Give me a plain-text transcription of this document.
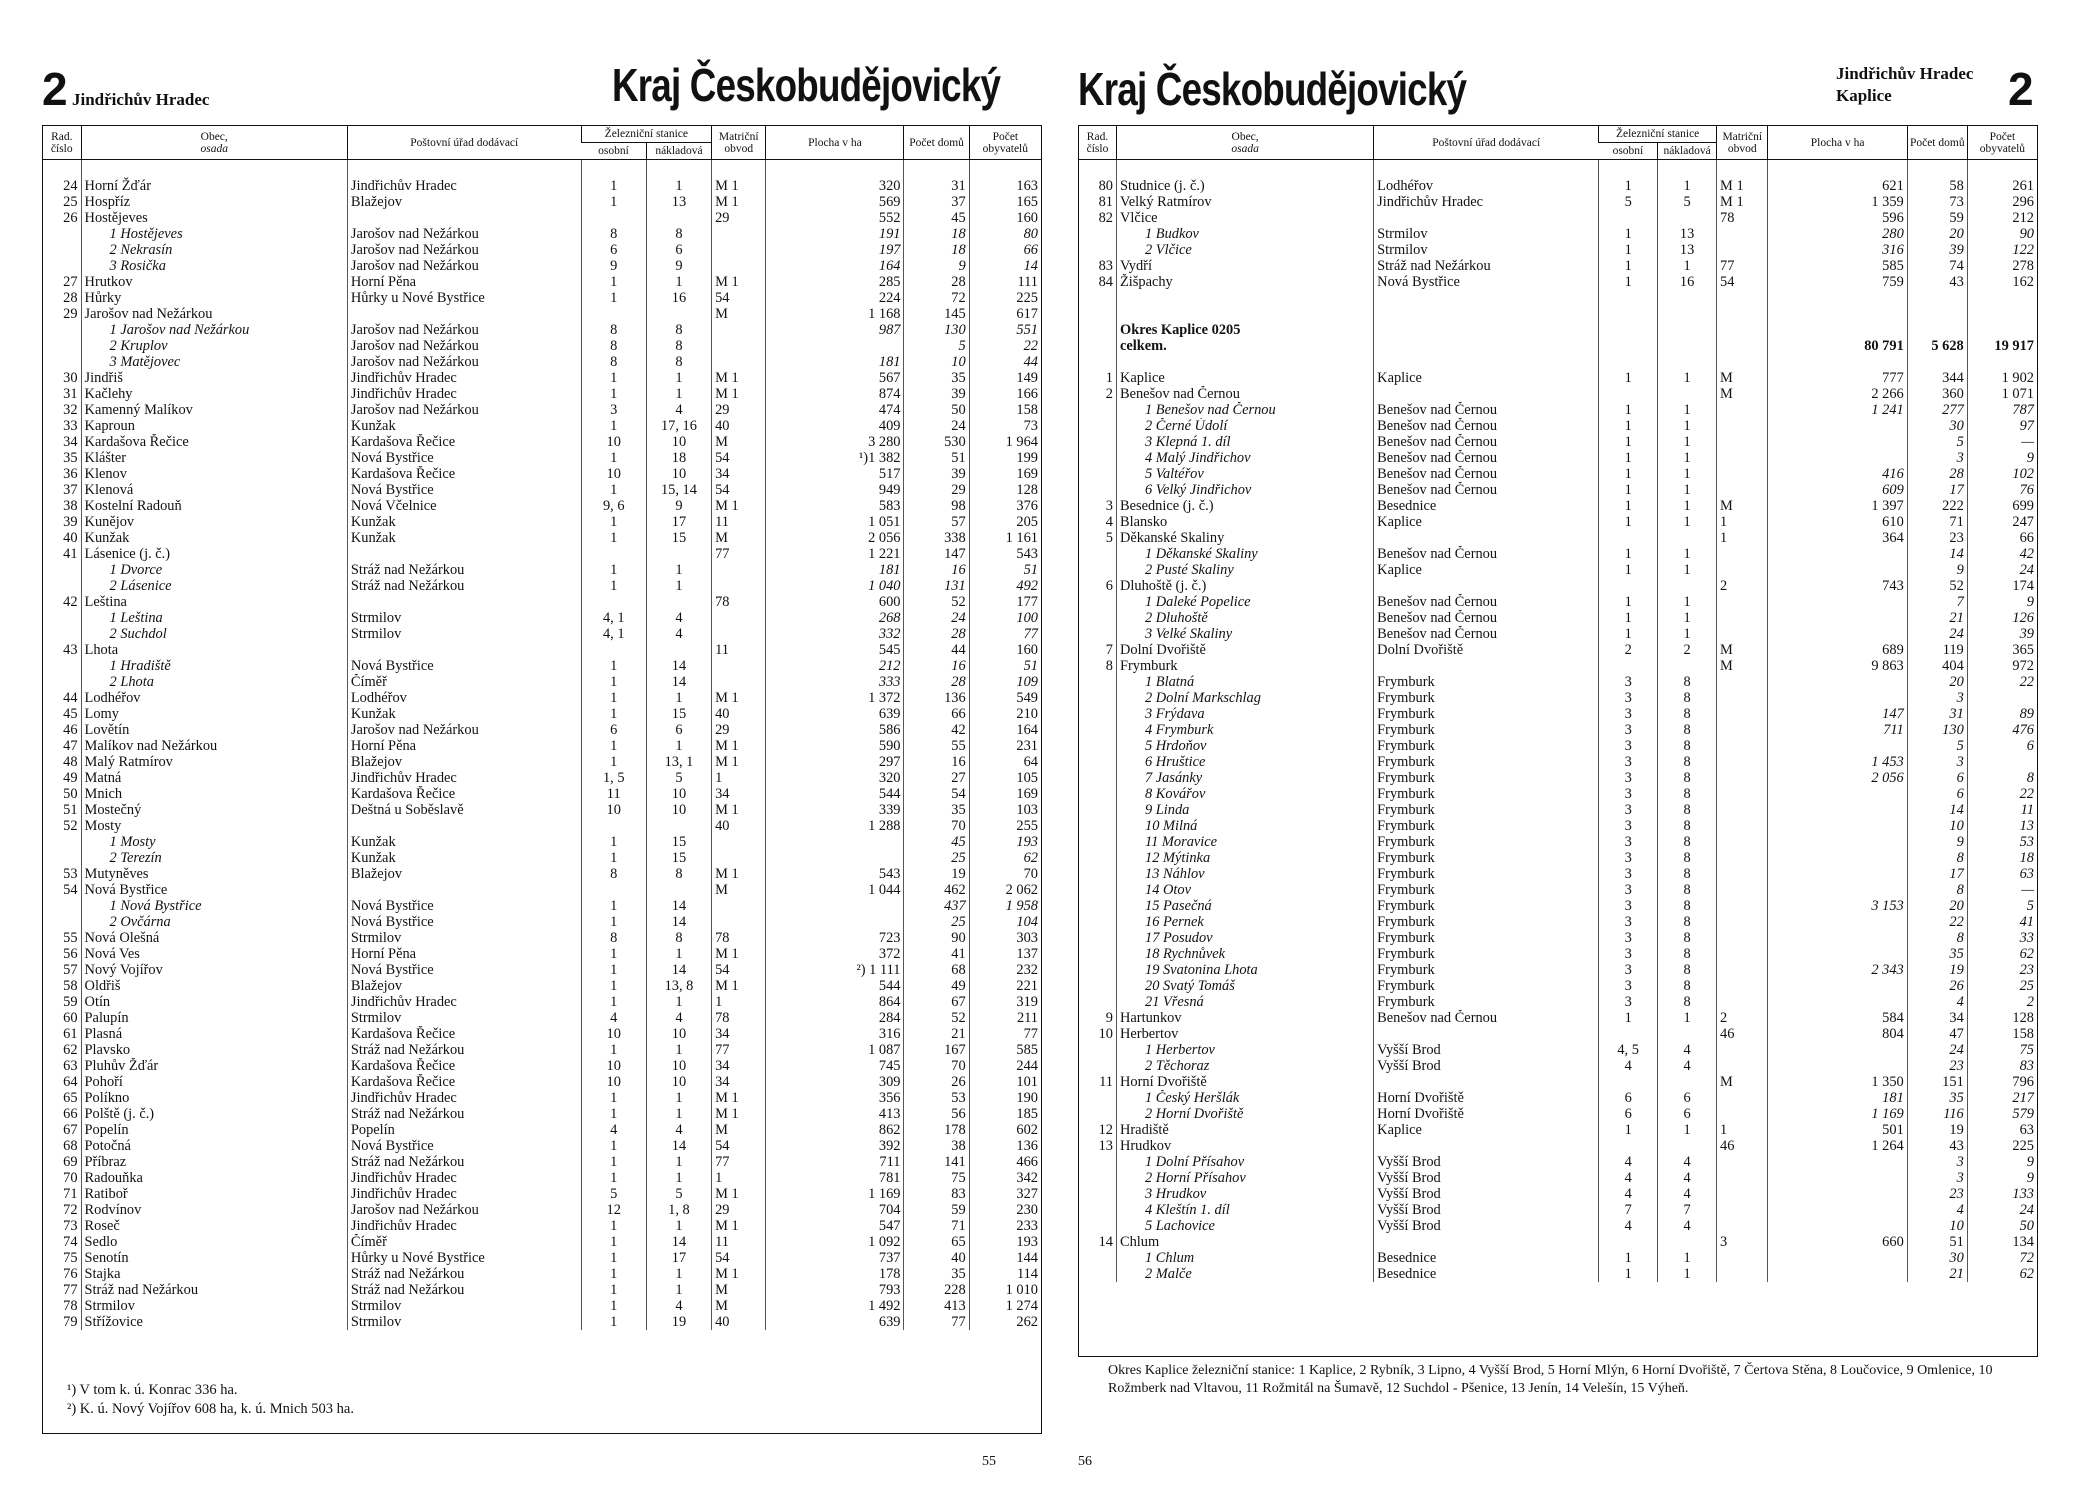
2 Jindřichův Hradec	Kraj Českobudějovický
Rad. číslo	Obec,
osada	Poštovní úřad dodávací	Železniční stanice		Matriční obvod	Plocha v ha	Počet domů	Počet obyvatelů
			osobní	nákladová				
24	Horní Žďár	Jindřichův Hradec	1	1	M 1	320	31	163
25	Hospříz	Blažejov	1	13	M 1	569	37	165
26	Hostějeves				29	552	45	160
	1 Hostějeves	Jarošov nad Nežárkou	8	8		191	18	80
	2 Nekrasín	Jarošov nad Nežárkou	6	6		197	18	66
	3 Rosička	Jarošov nad Nežárkou	9	9		164	9	14
27	Hrutkov	Horní Pěna	1	1	M 1	285	28	111
28	Hůrky	Hůrky u Nové Bystřice	1	16	54	224	72	225
29	Jarošov nad Nežárkou				M	1 168	145	617
	1 Jarošov nad Nežárkou	Jarošov nad Nežárkou	8	8		987	130	551
	2 Kruplov	Jarošov nad Nežárkou	8	8			5	22
	3 Matějovec	Jarošov nad Nežárkou	8	8		181	10	44
30	Jindřiš	Jindřichův Hradec	1	1	M 1	567	35	149
31	Kačlehy	Jindřichův Hradec	1	1	M 1	874	39	166
32	Kamenný Malíkov	Jarošov nad Nežárkou	3	4	29	474	50	158
33	Kaproun	Kunžak	1	17, 16	40	409	24	73
34	Kardašova Řečice	Kardašova Řečice	10	10	M	3 280	530	1 964
35	Klášter	Nová Bystřice	1	18	54	¹)1 382	51	199
36	Klenov	Kardašova Řečice	10	10	34	517	39	169
37	Klenová	Nová Bystřice	1	15, 14	54	949	29	128
38	Kostelní Radouň	Nová Včelnice	9, 6	9	M 1	583	98	376
39	Kunějov	Kunžak	1	17	11	1 051	57	205
40	Kunžak	Kunžak	1	15	M	2 056	338	1 161
41	Lásenice (j. č.)				77	1 221	147	543
	1 Dvorce	Stráž nad Nežárkou	1	1		181	16	51
	2 Lásenice	Stráž nad Nežárkou	1	1		1 040	131	492
42	Leština				78	600	52	177
	1 Leština	Strmilov	4, 1	4		268	24	100
	2 Suchdol	Strmilov	4, 1	4		332	28	77
43	Lhota				11	545	44	160
	1 Hradiště	Nová Bystřice	1	14		212	16	51
	2 Lhota	Číměř	1	14		333	28	109
44	Lodhéřov	Lodhéřov	1	1	M 1	1 372	136	549
45	Lomy	Kunžak	1	15	40	639	66	210
46	Lovětín	Jarošov nad Nežárkou	6	6	29	586	42	164
47	Malíkov nad Nežárkou	Horní Pěna	1	1	M 1	590	55	231
48	Malý Ratmírov	Blažejov	1	13, 1	M 1	297	16	64
49	Matná	Jindřichův Hradec	1, 5	5	1	320	27	105
50	Mnich	Kardašova Řečice	11	10	34	544	54	169
51	Mostečný	Deštná u Soběslavě	10	10	M 1	339	35	103
52	Mosty				40	1 288	70	255
	1 Mosty	Kunžak	1	15			45	193
	2 Terezín	Kunžak	1	15			25	62
53	Mutyněves	Blažejov	8	8	M 1	543	19	70
54	Nová Bystřice				M	1 044	462	2 062
	1 Nová Bystřice	Nová Bystřice	1	14			437	1 958
	2 Ovčárna	Nová Bystřice	1	14			25	104
55	Nová Olešná	Strmilov	8	8	78	723	90	303
56	Nová Ves	Horní Pěna	1	1	M 1	372	41	137
57	Nový Vojířov	Nová Bystřice	1	14	54	²) 1 111	68	232
58	Oldřiš	Blažejov	1	13, 8	M 1	544	49	221
59	Otín	Jindřichův Hradec	1	1	1	864	67	319
60	Palupín	Strmilov	4	4	78	284	52	211
61	Plasná	Kardašova Řečice	10	10	34	316	21	77
62	Plavsko	Stráž nad Nežárkou	1	1	77	1 087	167	585
63	Pluhův Žďár	Kardašova Řečice	10	10	34	745	70	244
64	Pohoří	Kardašova Řečice	10	10	34	309	26	101
65	Políkno	Jindřichův Hradec	1	1	M 1	356	53	190
66	Polště (j. č.)	Stráž nad Nežárkou	1	1	M 1	413	56	185
67	Popelín	Popelín	4	4	M	862	178	602
68	Potočná	Nová Bystřice	1	14	54	392	38	136
69	Příbraz	Stráž nad Nežárkou	1	1	77	711	141	466
70	Radouňka	Jindřichův Hradec	1	1	1	781	75	342
71	Ratiboř	Jindřichův Hradec	5	5	M 1	1 169	83	327
72	Rodvínov	Jarošov nad Nežárkou	12	1, 8	29	704	59	230
73	Roseč	Jindřichův Hradec	1	1	M 1	547	71	233
74	Sedlo	Číměř	1	14	11	1 092	65	193
75	Senotín	Hůrky u Nové Bystřice	1	17	54	737	40	144
76	Stajka	Stráž nad Nežárkou	1	1	M 1	178	35	114
77	Stráž nad Nežárkou	Stráž nad Nežárkou	1	1	M	793	228	1 010
78	Strmilov	Strmilov	1	4	M	1 492	413	1 274
79	Střížovice	Strmilov	1	19	40	639	77	262
¹) V tom k. ú. Konrac 336 ha.
²) K. ú. Nový Vojířov 608 ha, k. ú. Mnich 503 ha.
55
Kraj Českobudějovický	Jindřichův Hradec
Kaplice	2
Rad. číslo	Obec,
osada	Poštovní úřad dodávací	Železniční stanice		Matriční obvod	Plocha v ha	Počet domů	Počet obyvatelů
			osobní	nákladová				
80	Studnice (j. č.)	Lodhéřov	1	1	M 1	621	58	261
81	Velký Ratmírov	Jindřichův Hradec	5	5	M 1	1 359	73	296
82	Vlčice				78	596	59	212
	1 Budkov	Strmilov	1	13		280	20	90
	2 Vlčice	Strmilov	1	13		316	39	122
83	Vydří	Stráž nad Nežárkou	1	1	77	585	74	278
84	Žišpachy	Nová Bystřice	1	16	54	759	43	162

	Okres Kaplice 0205							
	celkem.					80 791	5 628	19 917

1	Kaplice	Kaplice	1	1	M	777	344	1 902
2	Benešov nad Černou				M	2 266	360	1 071
	1 Benešov nad Černou	Benešov nad Černou	1	1		1 241	277	787
	2 Černé Údolí	Benešov nad Černou	1	1			30	97
	3 Klepná 1. díl	Benešov nad Černou	1	1			5	—
	4 Malý Jindřichov	Benešov nad Černou	1	1			3	9
	5 Valtéřov	Benešov nad Černou	1	1		416	28	102
	6 Velký Jindřichov	Benešov nad Černou	1	1		609	17	76
3	Besednice (j. č.)	Besednice	1	1	M	1 397	222	699
4	Blansko	Kaplice	1	1	1	610	71	247
5	Děkanské Skaliny				1	364	23	66
	1 Děkanské Skaliny	Benešov nad Černou	1	1			14	42
	2 Pusté Skaliny	Kaplice	1	1			9	24
6	Dluhoště (j. č.)				2	743	52	174
	1 Daleké Popelice	Benešov nad Černou	1	1			7	9
	2 Dluhoště	Benešov nad Černou	1	1			21	126
	3 Velké Skaliny	Benešov nad Černou	1	1			24	39
7	Dolní Dvořiště	Dolní Dvořiště	2	2	M	689	119	365
8	Frymburk				M	9 863	404	972
	1 Blatná	Frymburk	3	8			20	22
	2 Dolní Markschlag	Frymburk	3	8			3	
	3 Frýdava	Frymburk	3	8		147	31	89
	4 Frymburk	Frymburk	3	8		711	130	476
	5 Hrdoňov	Frymburk	3	8			5	6
	6 Hruštice	Frymburk	3	8		1 453	3	
	7 Jasánky	Frymburk	3	8		2 056	6	8
	8 Kovářov	Frymburk	3	8			6	22
	9 Linda	Frymburk	3	8			14	11
	10 Milná	Frymburk	3	8			10	13
	11 Moravice	Frymburk	3	8			9	53
	12 Mýtinka	Frymburk	3	8			8	18
	13 Náhlov	Frymburk	3	8			17	63
	14 Otov	Frymburk	3	8			8	—
	15 Pasečná	Frymburk	3	8		3 153	20	5
	16 Pernek	Frymburk	3	8			22	41
	17 Posudov	Frymburk	3	8			8	33
	18 Rychnůvek	Frymburk	3	8			35	62
	19 Svatonina Lhota	Frymburk	3	8		2 343	19	23
	20 Svatý Tomáš	Frymburk	3	8			26	25
	21 Vřesná	Frymburk	3	8			4	2
9	Hartunkov	Benešov nad Černou	1	1	2	584	34	128
10	Herbertov				46	804	47	158
	1 Herbertov	Vyšší Brod	4, 5	4			24	75
	2 Těchoraz	Vyšší Brod	4	4			23	83
11	Horní Dvořiště				M	1 350	151	796
	1 Český Heršlák	Horní Dvořiště	6	6		181	35	217
	2 Horní Dvořiště	Horní Dvořiště	6	6		1 169	116	579
12	Hradiště	Kaplice	1	1	1	501	19	63
13	Hrudkov				46	1 264	43	225
	1 Dolní Přísahov	Vyšší Brod	4	4			3	9
	2 Horní Přísahov	Vyšší Brod	4	4			3	9
	3 Hrudkov	Vyšší Brod	4	4			23	133
	4 Kleštín 1. díl	Vyšší Brod	7	7			4	24
	5 Lachovice	Vyšší Brod	4	4			10	50
14	Chlum				3	660	51	134
	1 Chlum	Besednice	1	1			30	72
	2 Malče	Besednice	1	1			21	62
Okres Kaplice železniční stanice: 1 Kaplice, 2 Rybník, 3 Lipno, 4 Vyšší Brod, 5 Horní Mlýn, 6 Horní Dvořiště, 7 Čertova Stěna, 8 Loučovice, 9 Omlenice, 10 Rožmberk nad Vltavou, 11 Rožmitál na Šumavě, 12 Suchdol - Pšenice, 13 Jenín, 14 Velešín, 15 Výheň.
56
